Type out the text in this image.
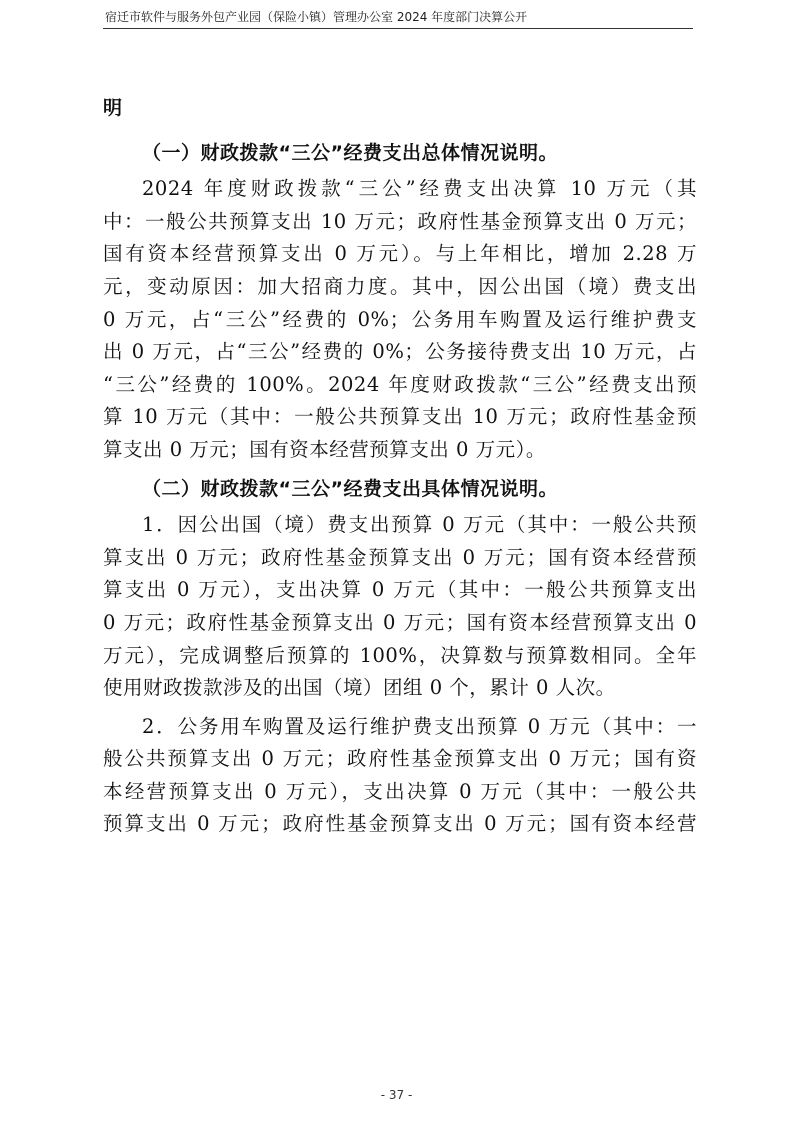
宿迁市软件与服务外包产业园（保险小镇）管理办公室 2024 年度部门决算公开

明

（一）财政拨款“三公”经费支出总体情况说明。

2024 年度财政拨款“三公”经费支出决算 10 万元（其

中：一般公共预算支出 10 万元；政府性基金预算支出 0 万元；

国有资本经营预算支出 0 万元）。与上年相比，增加 2.28 万

元，变动原因：加大招商力度。其中，因公出国（境）费支出

0 万元，占“三公”经费的 0%；公务用车购置及运行维护费支

出 0 万元，占“三公”经费的 0%；公务接待费支出 10 万元，占

“三公”经费的 100%。2024 年度财政拨款“三公”经费支出预

算 10 万元（其中：一般公共预算支出 10 万元；政府性基金预

算支出 0 万元；国有资本经营预算支出 0 万元）。

（二）财政拨款“三公”经费支出具体情况说明。

1．因公出国（境）费支出预算 0 万元（其中：一般公共预

算支出 0 万元；政府性基金预算支出 0 万元；国有资本经营预

算支出 0 万元），支出决算 0 万元（其中：一般公共预算支出

0 万元；政府性基金预算支出 0 万元；国有资本经营预算支出 0

万元），完成调整后预算的 100%，决算数与预算数相同。全年

使用财政拨款涉及的出国（境）团组 0 个，累计 0 人次。

2．公务用车购置及运行维护费支出预算 0 万元（其中：一

般公共预算支出 0 万元；政府性基金预算支出 0 万元；国有资

本经营预算支出 0 万元），支出决算 0 万元（其中：一般公共

预算支出 0 万元；政府性基金预算支出 0 万元；国有资本经营

- 37 -
